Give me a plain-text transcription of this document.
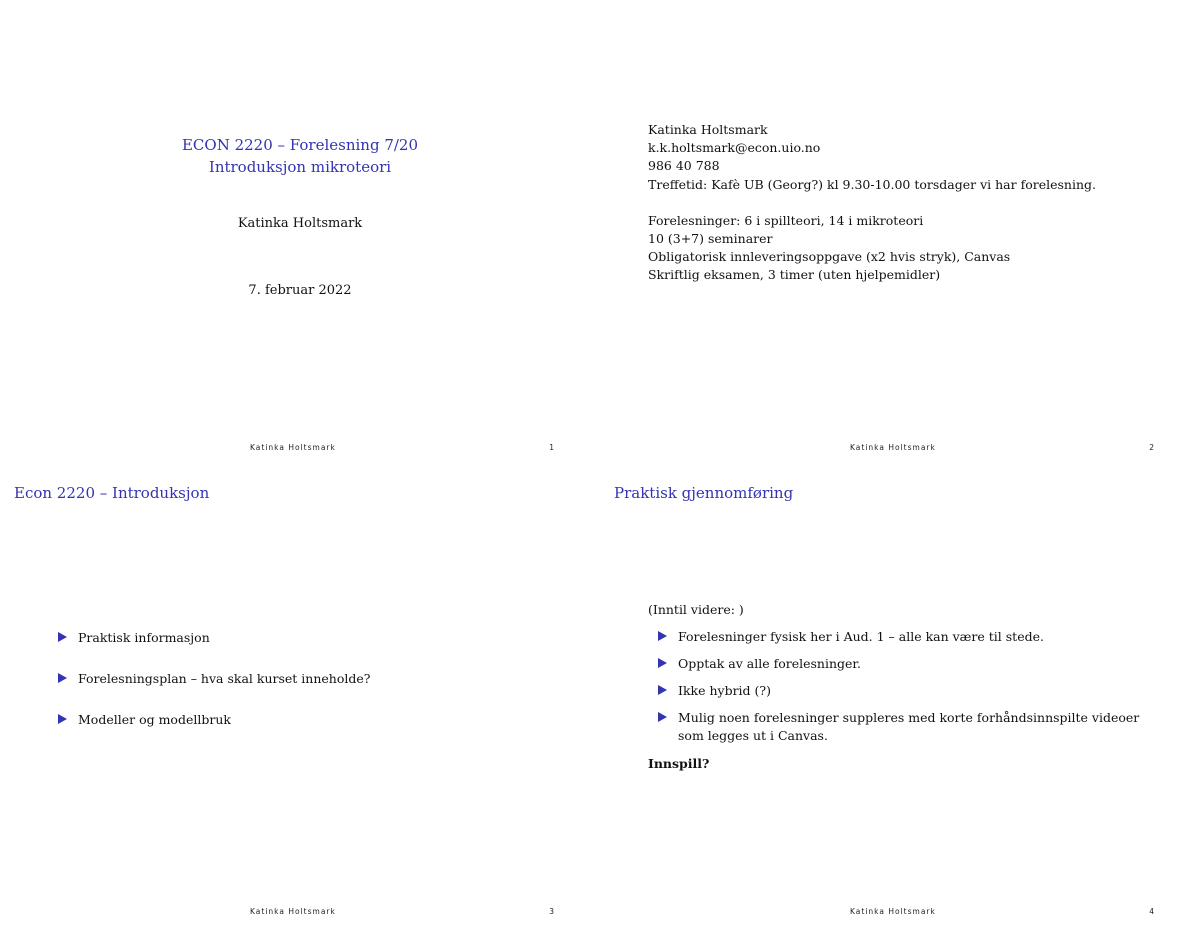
ECON 2220 – Forelesning 7/20
Introduksjon mikroteori
Katinka Holtsmark
7. februar 2022
Katinka Holtsmark	1
Katinka Holtsmark
k.k.holtsmark@econ.uio.no
986 40 788
Treffetid: Kafè UB (Georg?) kl 9.30-10.00 torsdager vi har forelesning.
Forelesninger: 6 i spillteori, 14 i mikroteori
10 (3+7) seminarer
Obligatorisk innleveringsoppgave (x2 hvis stryk), Canvas
Skriftlig eksamen, 3 timer (uten hjelpemidler)
Katinka Holtsmark	2
Econ 2220 – Introduksjon
Praktisk informasjon
Forelesningsplan – hva skal kurset inneholde?
Modeller og modellbruk
Katinka Holtsmark	3
Praktisk gjennomføring
(Inntil videre: )
Forelesninger fysisk her i Aud. 1 – alle kan være til stede.
Opptak av alle forelesninger.
Ikke hybrid (?)
Mulig noen forelesninger suppleres med korte forhåndsinnspilte videoer som legges ut i Canvas.
Innspill?
Katinka Holtsmark	4
